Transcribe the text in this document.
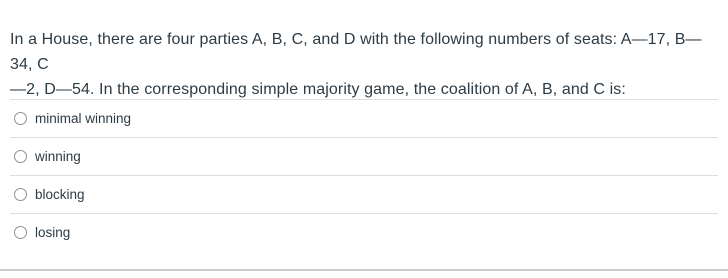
In a House, there are four parties A, B, C, and D with the following numbers of seats: A—17, B—34, C
—2, D—54. In the corresponding simple majority game, the coalition of A, B, and C is:
minimal winning
winning
blocking
losing
